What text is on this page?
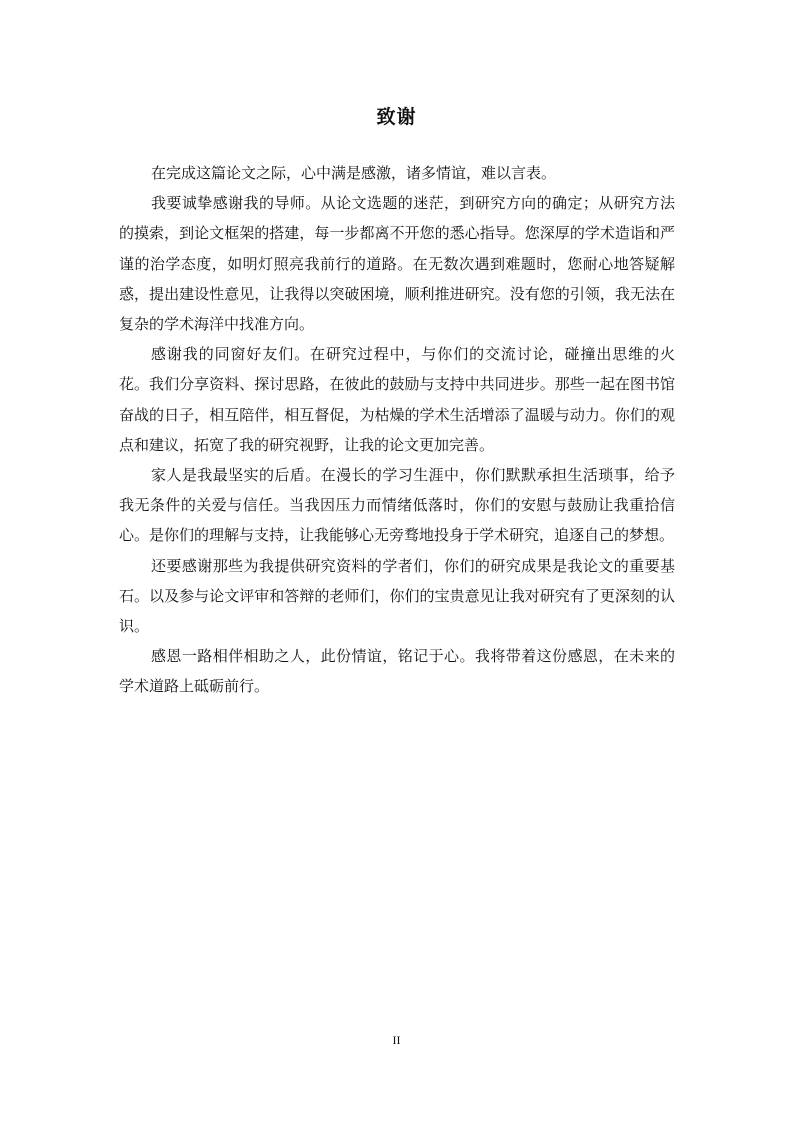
致谢

在完成这篇论文之际，心中满是感激，诸多情谊，难以言表。

我要诚挚感谢我的导师。从论文选题的迷茫，到研究方向的确定；从研究方法的摸索，到论文框架的搭建，每一步都离不开您的悉心指导。您深厚的学术造诣和严谨的治学态度，如明灯照亮我前行的道路。在无数次遇到难题时，您耐心地答疑解惑，提出建设性意见，让我得以突破困境，顺利推进研究。没有您的引领，我无法在复杂的学术海洋中找准方向。

感谢我的同窗好友们。在研究过程中，与你们的交流讨论，碰撞出思维的火花。我们分享资料、探讨思路，在彼此的鼓励与支持中共同进步。那些一起在图书馆奋战的日子，相互陪伴，相互督促，为枯燥的学术生活增添了温暖与动力。你们的观点和建议，拓宽了我的研究视野，让我的论文更加完善。

家人是我最坚实的后盾。在漫长的学习生涯中，你们默默承担生活琐事，给予我无条件的关爱与信任。当我因压力而情绪低落时，你们的安慰与鼓励让我重拾信心。是你们的理解与支持，让我能够心无旁骛地投身于学术研究，追逐自己的梦想。

还要感谢那些为我提供研究资料的学者们，你们的研究成果是我论文的重要基石。以及参与论文评审和答辩的老师们，你们的宝贵意见让我对研究有了更深刻的认识。

感恩一路相伴相助之人，此份情谊，铭记于心。我将带着这份感恩，在未来的学术道路上砥砺前行。

II
